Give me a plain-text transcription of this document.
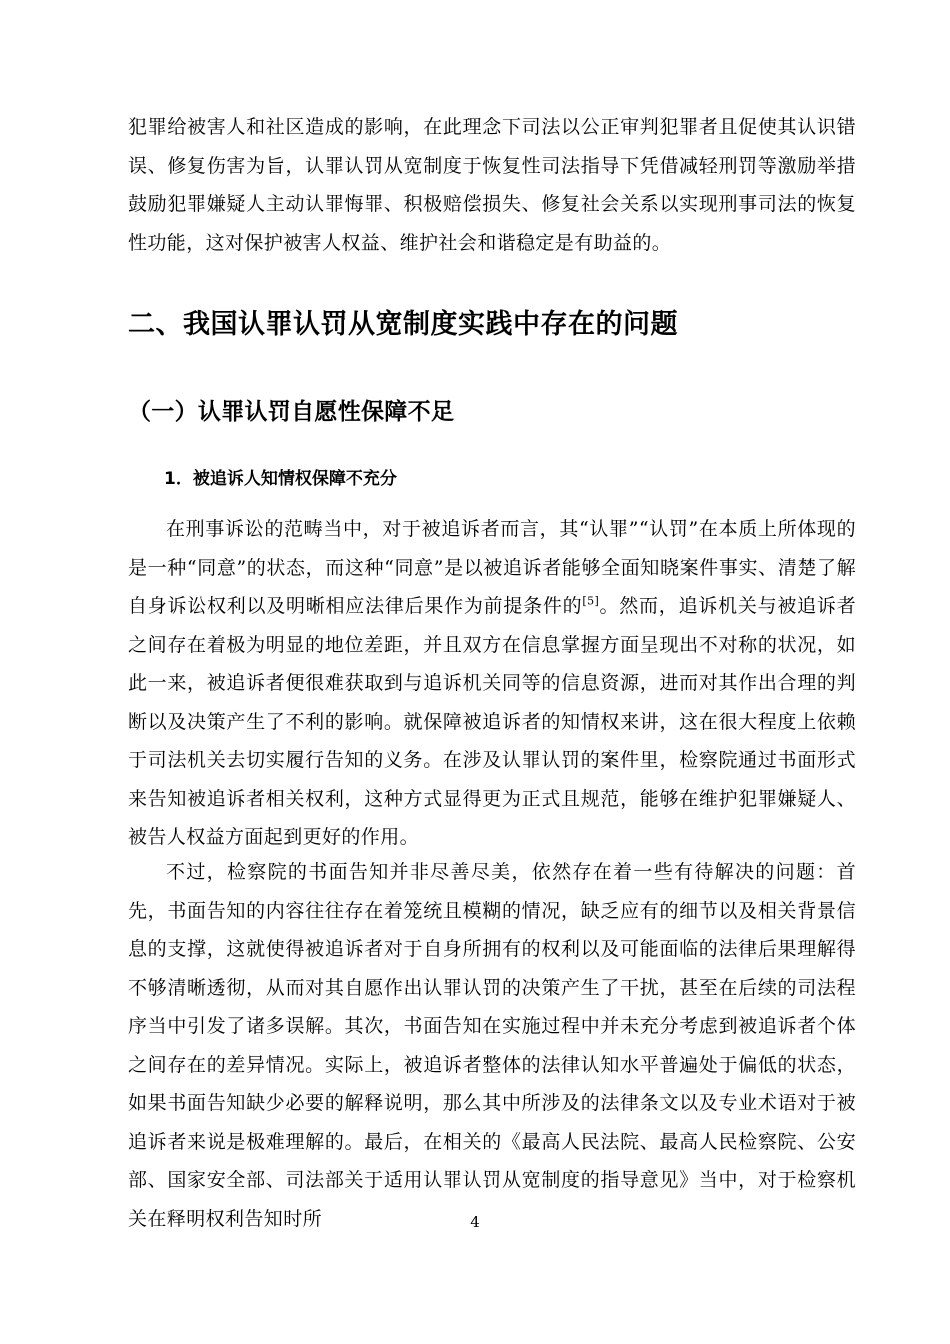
犯罪给被害人和社区造成的影响，在此理念下司法以公正审判犯罪者且促使其认识错误、修复伤害为旨，认罪认罚从宽制度于恢复性司法指导下凭借减轻刑罚等激励举措鼓励犯罪嫌疑人主动认罪悔罪、积极赔偿损失、修复社会关系以实现刑事司法的恢复性功能，这对保护被害人权益、维护社会和谐稳定是有助益的。

二、我国认罪认罚从宽制度实践中存在的问题
（一）认罪认罚自愿性保障不足
1．被追诉人知情权保障不充分

在刑事诉讼的范畴当中，对于被追诉者而言，其“认罪”“认罚”在本质上所体现的是一种“同意”的状态，而这种“同意”是以被追诉者能够全面知晓案件事实、清楚了解自身诉讼权利以及明晰相应法律后果作为前提条件的[5]。然而，追诉机关与被追诉者之间存在着极为明显的地位差距，并且双方在信息掌握方面呈现出不对称的状况，如此一来，被追诉者便很难获取到与追诉机关同等的信息资源，进而对其作出合理的判断以及决策产生了不利的影响。就保障被追诉者的知情权来讲，这在很大程度上依赖于司法机关去切实履行告知的义务。在涉及认罪认罚的案件里，检察院通过书面形式来告知被追诉者相关权利，这种方式显得更为正式且规范，能够在维护犯罪嫌疑人、被告人权益方面起到更好的作用。

不过，检察院的书面告知并非尽善尽美，依然存在着一些有待解决的问题：首先，书面告知的内容往往存在着笼统且模糊的情况，缺乏应有的细节以及相关背景信息的支撑，这就使得被追诉者对于自身所拥有的权利以及可能面临的法律后果理解得不够清晰透彻，从而对其自愿作出认罪认罚的决策产生了干扰，甚至在后续的司法程序当中引发了诸多误解。其次，书面告知在实施过程中并未充分考虑到被追诉者个体之间存在的差异情况。实际上，被追诉者整体的法律认知水平普遍处于偏低的状态，如果书面告知缺少必要的解释说明，那么其中所涉及的法律条文以及专业术语对于被追诉者来说是极难理解的。最后，在相关的《最高人民法院、最高人民检察院、公安部、国家安全部、司法部关于适用认罪认罚从宽制度的指导意见》当中，对于检察机关在释明权利告知时所	4
